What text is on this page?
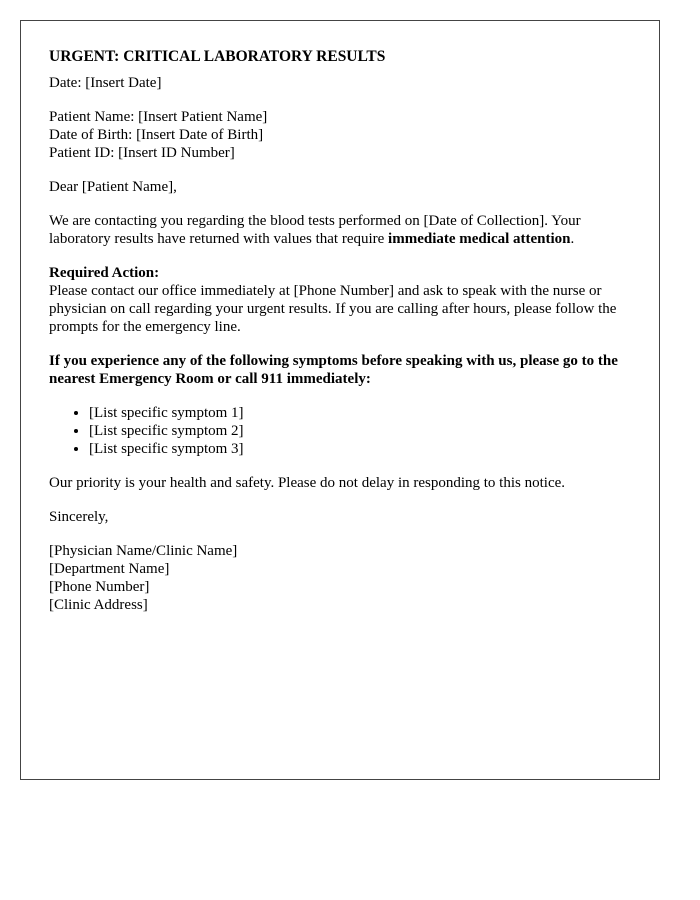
URGENT: CRITICAL LABORATORY RESULTS

Date: [Insert Date]

Patient Name: [Insert Patient Name]
Date of Birth: [Insert Date of Birth]
Patient ID: [Insert ID Number]

Dear [Patient Name],

We are contacting you regarding the blood tests performed on [Date of Collection]. Your laboratory results have returned with values that require immediate medical attention.

Required Action:
Please contact our office immediately at [Phone Number] and ask to speak with the nurse or physician on call regarding your urgent results. If you are calling after hours, please follow the prompts for the emergency line.

If you experience any of the following symptoms before speaking with us, please go to the nearest Emergency Room or call 911 immediately:

• [List specific symptom 1]
• [List specific symptom 2]
• [List specific symptom 3]

Our priority is your health and safety. Please do not delay in responding to this notice.

Sincerely,

[Physician Name/Clinic Name]
[Department Name]
[Phone Number]
[Clinic Address]
